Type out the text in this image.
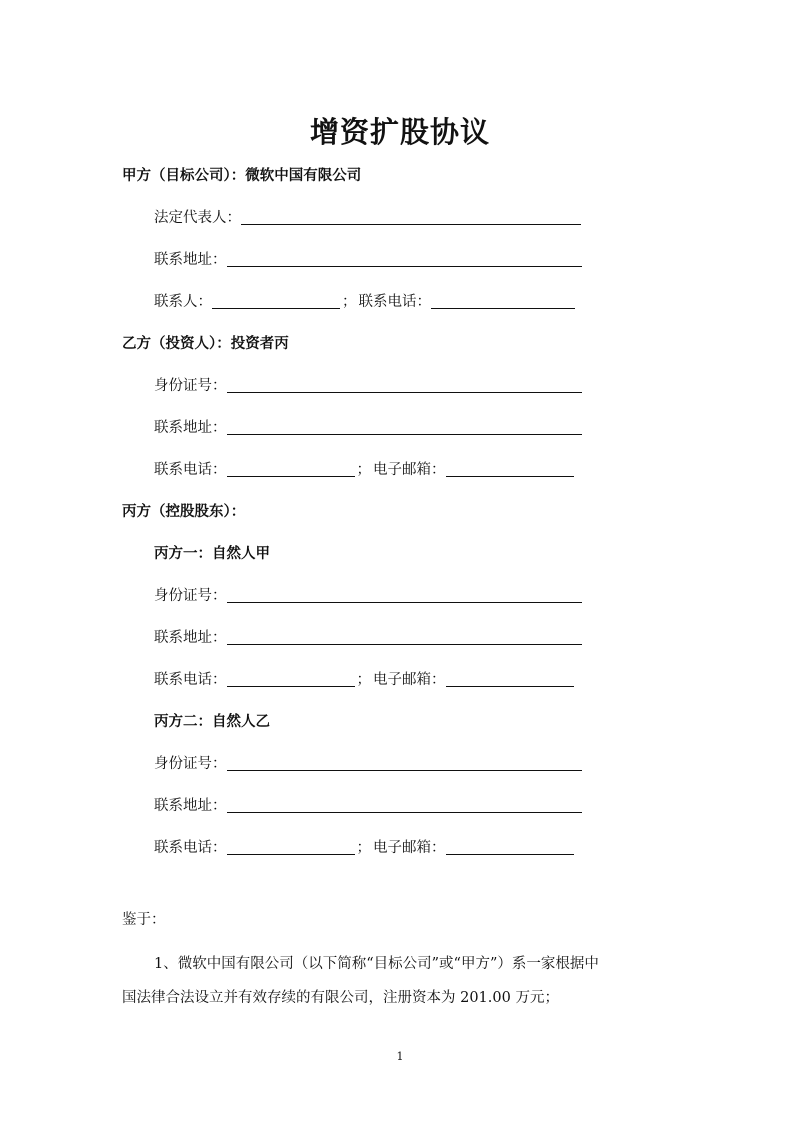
增资扩股协议
甲方（目标公司）：微软中国有限公司
法定代表人：
联系地址：
联系人：	； 联系电话：
乙方（投资人）：投资者丙
身份证号：
联系地址：
联系电话：	； 电子邮箱：
丙方（控股股东）：
丙方一：自然人甲
身份证号：
联系地址：
联系电话：	； 电子邮箱：
丙方二：自然人乙
身份证号：
联系地址：
联系电话：	； 电子邮箱：
鉴于：
1、微软中国有限公司（以下简称“目标公司”或“甲方”）系一家根据中
国法律合法设立并有效存续的有限公司，注册资本为 201.00 万元；
1
